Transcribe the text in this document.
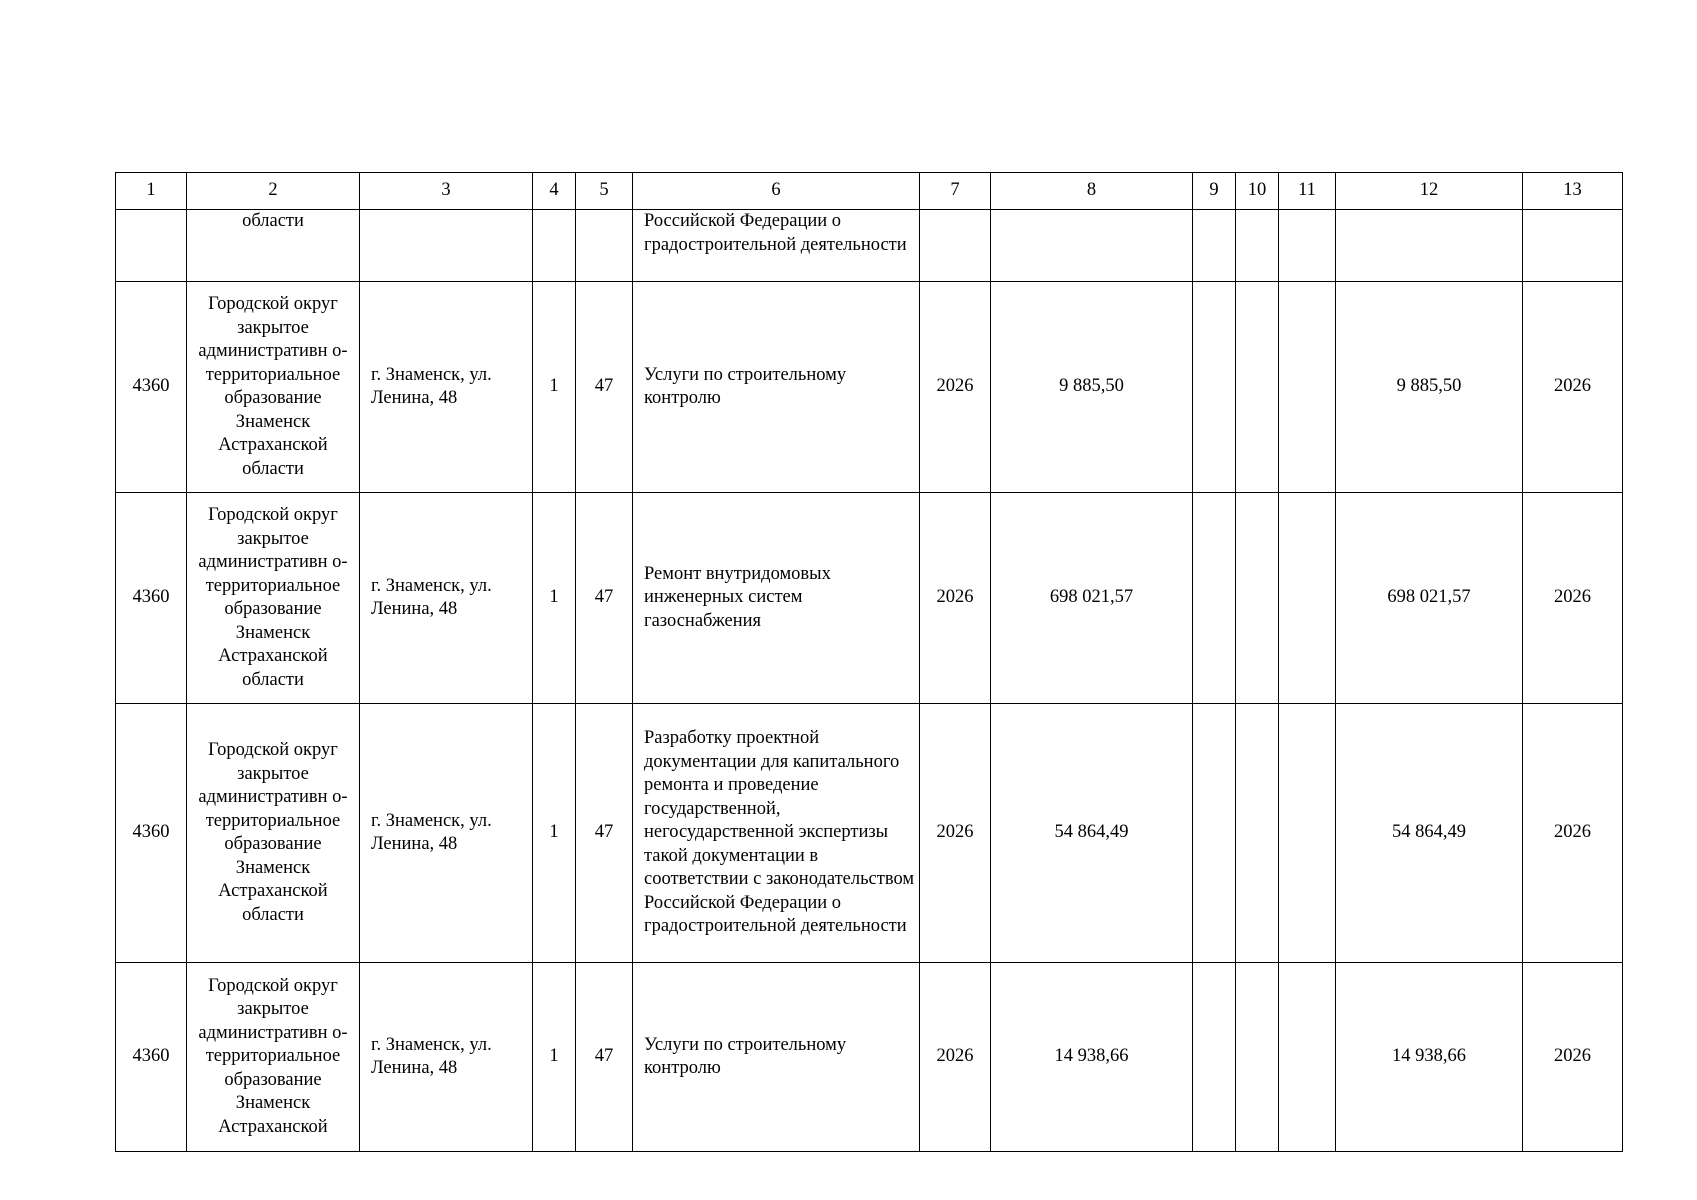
1	2	3	4	5	6	7	8	9	10	11	12	13
	области				Российской Федерации о градостроительной деятельности							
4360	Городской округ закрытое административн о-территориальное образование Знаменск Астраханской области	г. Знаменск, ул. Ленина, 48	1	47	Услуги по строительному контролю	2026	9 885,50				9 885,50	2026
4360	Городской округ закрытое административн о-территориальное образование Знаменск Астраханской области	г. Знаменск, ул. Ленина, 48	1	47	Ремонт внутридомовых инженерных систем газоснабжения	2026	698 021,57				698 021,57	2026
4360	Городской округ закрытое административн о-территориальное образование Знаменск Астраханской области	г. Знаменск, ул. Ленина, 48	1	47	Разработку проектной документации для капитального ремонта и проведение государственной, негосударственной экспертизы такой документации в соответствии с законодательством Российской Федерации о градостроительной деятельности	2026	54 864,49				54 864,49	2026
4360	Городской округ закрытое административн о-территориальное образование Знаменск Астраханской	г. Знаменск, ул. Ленина, 48	1	47	Услуги по строительному контролю	2026	14 938,66				14 938,66	2026
